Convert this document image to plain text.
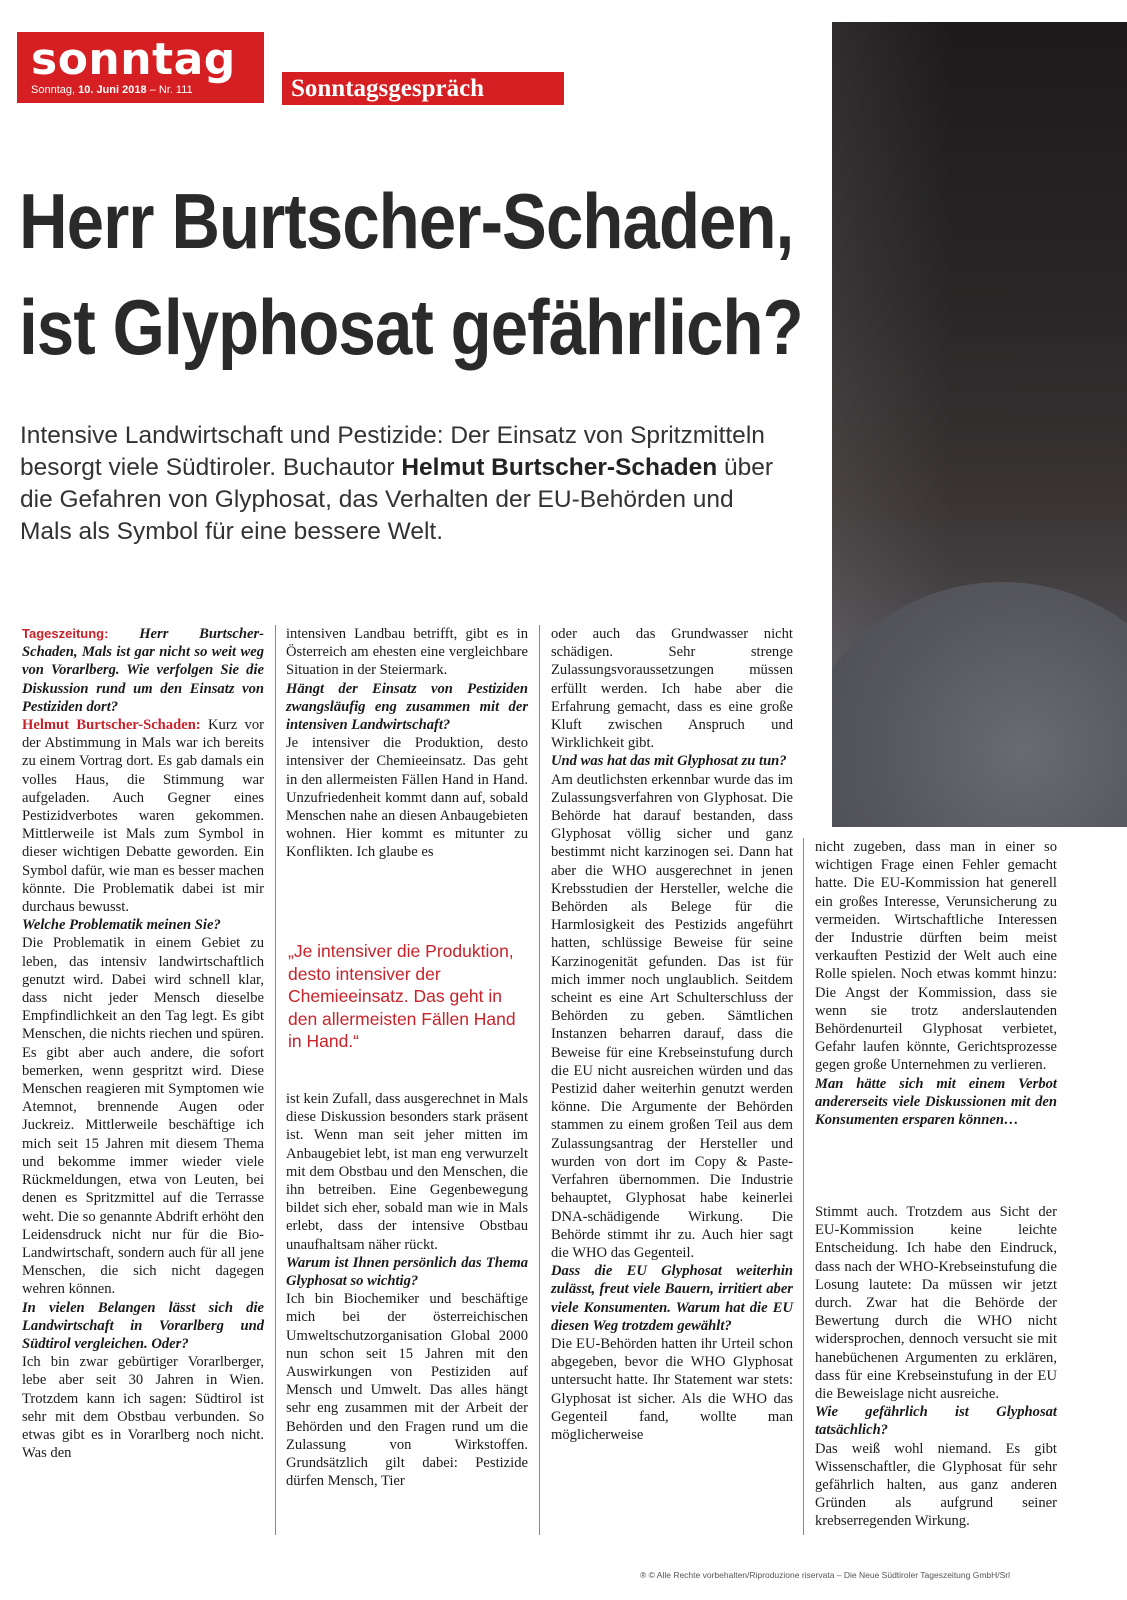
sonntag
Sonntag, 10. Juni 2018 – Nr. 111	Sonntagsgespräch
Herr Burtscher-Schaden,
ist Glyphosat gefährlich?
Intensive Landwirtschaft und Pestizide: Der Einsatz von Spritzmitteln besorgt viele Südtiroler. Buchautor Helmut Burtscher-Schaden über die Gefahren von Glyphosat, das Verhalten der EU-Behörden und Mals als Symbol für eine bessere Welt.

Tageszeitung: Herr Burtscher-Schaden, Mals ist gar nicht so weit weg von Vorarlberg. Wie verfolgen Sie die Diskussion rund um den Einsatz von Pestiziden dort?

Helmut Burtscher-Schaden: Kurz vor der Abstimmung in Mals war ich bereits zu einem Vortrag dort. Es gab damals ein volles Haus, die Stimmung war aufgeladen. Auch Gegner eines Pestizidverbotes waren gekommen. Mittlerweile ist Mals zum Symbol in dieser wichtigen Debatte geworden. Ein Symbol dafür, wie man es besser machen könnte. Die Problematik dabei ist mir durchaus bewusst.

Welche Problematik meinen Sie?

Die Problematik in einem Gebiet zu leben, das intensiv landwirtschaftlich genutzt wird. Dabei wird schnell klar, dass nicht jeder Mensch dieselbe Empfindlichkeit an den Tag legt. Es gibt Menschen, die nichts riechen und spüren. Es gibt aber auch andere, die sofort bemerken, wenn gespritzt wird. Diese Menschen reagieren mit Symptomen wie Atemnot, brennende Augen oder Juckreiz. Mittlerweile beschäftige ich mich seit 15 Jahren mit diesem Thema und bekomme immer wieder viele Rückmeldungen, etwa von Leuten, bei denen es Spritzmittel auf die Terrasse weht. Die so genannte Abdrift erhöht den Leidensdruck nicht nur für die Bio-Landwirtschaft, sondern auch für all jene Menschen, die sich nicht dagegen wehren können.

In vielen Belangen lässt sich die Landwirtschaft in Vorarlberg und Südtirol vergleichen. Oder?

Ich bin zwar gebürtiger Vorarlberger, lebe aber seit 30 Jahren in Wien. Trotzdem kann ich sagen: Südtirol ist sehr mit dem Obstbau verbunden. So etwas gibt es in Vorarlberg noch nicht. Was den

intensiven Landbau betrifft, gibt es in Österreich am ehesten eine vergleichbare Situation in der Steiermark.

Hängt der Einsatz von Pestiziden zwangsläufig eng zusammen mit der intensiven Landwirtschaft?

Je intensiver die Produktion, desto intensiver der Chemieeinsatz. Das geht in den allermeisten Fällen Hand in Hand. Unzufriedenheit kommt dann auf, sobald Menschen nahe an diesen Anbaugebieten wohnen. Hier kommt es mitunter zu Konflikten. Ich glaube es

„Je intensiver die Produktion, desto intensiver der Chemieeinsatz. Das geht in den allermeisten Fällen Hand in Hand.“

ist kein Zufall, dass ausgerechnet in Mals diese Diskussion besonders stark präsent ist. Wenn man seit jeher mitten im Anbaugebiet lebt, ist man eng verwurzelt mit dem Obstbau und den Menschen, die ihn betreiben. Eine Gegenbewegung bildet sich eher, sobald man wie in Mals erlebt, dass der intensive Obstbau unaufhaltsam näher rückt.

Warum ist Ihnen persönlich das Thema Glyphosat so wichtig?

Ich bin Biochemiker und beschäftige mich bei der österreichischen Umweltschutzorganisation Global 2000 nun schon seit 15 Jahren mit den Auswirkungen von Pestiziden auf Mensch und Umwelt. Das alles hängt sehr eng zusammen mit der Arbeit der Behörden und den Fragen rund um die Zulassung von Wirkstoffen. Grundsätzlich gilt dabei: Pestizide dürfen Mensch, Tier

oder auch das Grundwasser nicht schädigen. Sehr strenge Zulassungsvoraussetzungen müssen erfüllt werden. Ich habe aber die Erfahrung gemacht, dass es eine große Kluft zwischen Anspruch und Wirklichkeit gibt.

Und was hat das mit Glyphosat zu tun?

Am deutlichsten erkennbar wurde das im Zulassungsverfahren von Glyphosat. Die Behörde hat darauf bestanden, dass Glyphosat völlig sicher und ganz bestimmt nicht karzinogen sei. Dann hat aber die WHO ausgerechnet in jenen Krebsstudien der Hersteller, welche die Behörden als Belege für die Harmlosigkeit des Pestizids angeführt hatten, schlüssige Beweise für seine Karzinogenität gefunden. Das ist für mich immer noch unglaublich. Seitdem scheint es eine Art Schulterschluss der Behörden zu geben. Sämtlichen Instanzen beharren darauf, dass die Beweise für eine Krebseinstufung durch die EU nicht ausreichen würden und das Pestizid daher weiterhin genutzt werden könne. Die Argumente der Behörden stammen zu einem großen Teil aus dem Zulassungsantrag der Hersteller und wurden von dort im Copy & Paste-Verfahren übernommen. Die Industrie behauptet, Glyphosat habe keinerlei DNA-schädigende Wirkung. Die Behörde stimmt ihr zu. Auch hier sagt die WHO das Gegenteil.

Dass die EU Glyphosat weiterhin zulässt, freut viele Bauern, irritiert aber viele Konsumenten. Warum hat die EU diesen Weg trotzdem gewählt?

Die EU-Behörden hatten ihr Urteil schon abgegeben, bevor die WHO Glyphosat untersucht hatte. Ihr Statement war stets: Glyphosat ist sicher. Als die WHO das Gegenteil fand, wollte man möglicherweise

nicht zugeben, dass man in einer so wichtigen Frage einen Fehler gemacht hatte. Die EU-Kommission hat generell ein großes Interesse, Verunsicherung zu vermeiden. Wirtschaftliche Interessen der Industrie dürften beim meist verkauften Pestizid der Welt auch eine Rolle spielen. Noch etwas kommt hinzu: Die Angst der Kommission, dass sie wenn sie trotz anderslautenden Behördenurteil Glyphosat verbietet, Gefahr laufen könnte, Gerichtsprozesse gegen große Unternehmen zu verlieren.

Man hätte sich mit einem Verbot andererseits viele Diskussionen mit den Konsumenten ersparen können…

Stimmt auch. Trotzdem aus Sicht der EU-Kommission keine leichte Entscheidung. Ich habe den Eindruck, dass nach der WHO-Krebseinstufung die Losung lautete: Da müssen wir jetzt durch. Zwar hat die Behörde der Bewertung durch die WHO nicht widersprochen, dennoch versucht sie mit hanebüchenen Argumenten zu erklären, dass für eine Krebseinstufung in der EU die Beweislage nicht ausreiche.

Wie gefährlich ist Glyphosat tatsächlich?

Das weiß wohl niemand. Es gibt Wissenschaftler, die Glyphosat für sehr gefährlich halten, aus ganz anderen Gründen als aufgrund seiner krebserregenden Wirkung.

® © Alle Rechte vorbehalten/Riproduzione riservata – Die Neue Südtiroler Tageszeitung GmbH/Srl
